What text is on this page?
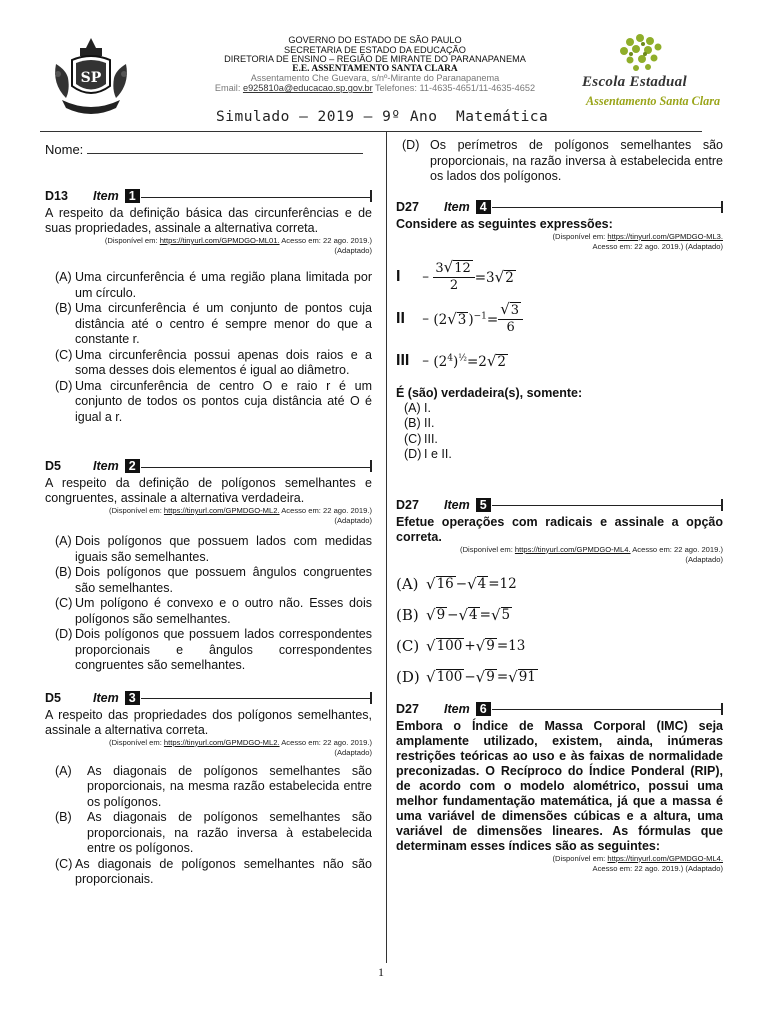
SP
GOVERNO DO ESTADO DE SÃO PAULO
SECRETARIA DE ESTADO DA EDUCAÇÃO
DIRETORIA DE ENSINO – REGIÃO DE MIRANTE DO PARANAPANEMA
E.E. ASSENTAMENTO SANTA CLARA
Assentamento Che Guevara, s/nº-Mirante do Paranapanema
Email: e925810a@educacao.sp.gov.br Telefones: 11-4635-4651/11-4635-4652	Escola Estadual
Assentamento Santa Clara
Simulado – 2019 – 9º Ano  Matemática
Nome:
D13	Item 1
A respeito da definição básica das circunferências e de suas propriedades, assinale a alternativa correta.
(Disponível em: https://tinyurl.com/GPMDGO-ML01. Acesso em: 22 ago. 2019.)
(Adaptado)
(A) Uma circunferência é uma região plana limitada por um círculo.
(B) Uma circunferência é um conjunto de pontos cuja distância até o centro é sempre menor do que a constante r.
(C) Uma circunferência possui apenas dois raios e a soma desses dois elementos é igual ao diâmetro.
(D) Uma circunferência de centro O e raio r é um conjunto de todos os pontos cuja distância até O é igual a r.
D5	Item 2
A respeito da definição de polígonos semelhantes e congruentes, assinale a alternativa verdadeira.
(Disponível em: https://tinyurl.com/GPMDGO-ML2. Acesso em: 22 ago. 2019.)
(Adaptado)
(A) Dois polígonos que possuem lados com medidas iguais são semelhantes.
(B) Dois polígonos que possuem ângulos congruentes são semelhantes.
(C) Um polígono é convexo e o outro não. Esses dois polígonos são semelhantes.
(D) Dois polígonos que possuem lados correspondentes proporcionais e ângulos correspondentes congruentes são semelhantes.
D5	Item 3
A respeito das propriedades dos polígonos semelhantes, assinale a alternativa correta.
(Disponível em: https://tinyurl.com/GPMDGO-ML2. Acesso em: 22 ago. 2019.)
(Adaptado)
(A)	As diagonais de polígonos semelhantes são proporcionais, na mesma razão estabelecida entre os polígonos.
(B)	As diagonais de polígonos semelhantes são proporcionais, na razão inversa à estabelecida entre os polígonos.
(C) As diagonais de polígonos semelhantes não são proporcionais.
(D) Os perímetros de polígonos semelhantes são proporcionais, na razão inversa à estabelecida entre os lados dos polígonos.
D27	Item 4
Considere as seguintes expressões:
(Disponível em: https://tinyurl.com/GPMDGO-ML3.
Acesso em: 22 ago. 2019.) (Adaptado)
I	– $\frac{3√12}{2} =3√2$
II – (2√3 )$^{-1}= \frac{√3}{6}$
III – $(2^4)^{\frac{1}{2}}=2√2$
É (são) verdadeira(s), somente:
(A) I.
(B) II.
(C) III.
(D) I e II.
D27	Item 5
Efetue operações com radicais e assinale a opção correta.
(Disponível em: https://tinyurl.com/GPMDGO-ML4. Acesso em: 22 ago. 2019.)
(Adaptado)
(A) √ 16 − √ 4 =12
(B) √ 9 − √ 4 = √ 5
(C) √ 100 + √ 9 =13
(D) √ 100 − √ 9 = √ 91
D27	Item 6
Embora o Índice de Massa Corporal (IMC) seja amplamente utilizado, existem, ainda, inúmeras restrições teóricas ao uso e às faixas de normalidade preconizadas. O Recíproco do Índice Ponderal (RIP), de acordo com o modelo alométrico, possui uma melhor fundamentação matemática, já que a massa é uma variável de dimensões cúbicas e a altura, uma variável de dimensões lineares. As fórmulas que determinam esses índices são as seguintes:
(Disponível em: https://tinyurl.com/GPMDGO-ML4.
Acesso em: 22 ago. 2019.) (Adaptado)
1
